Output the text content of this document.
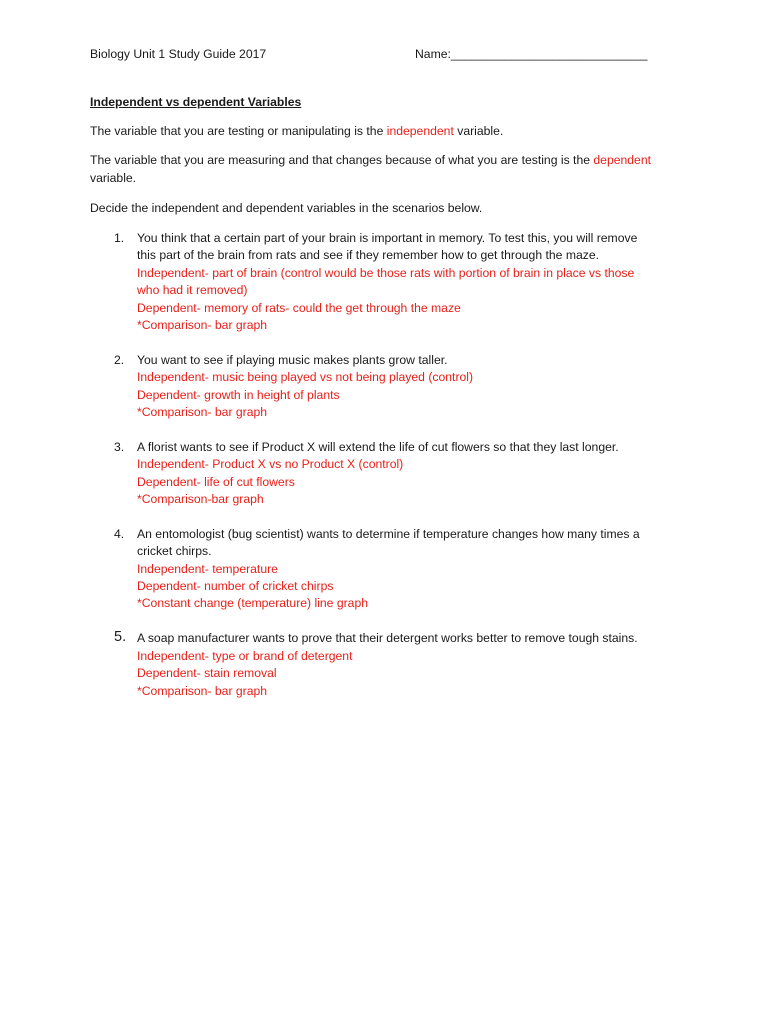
Biology Unit 1 Study Guide 2017	Name:_____________________________
Independent vs dependent Variables
The variable that you are testing or manipulating is the independent variable.
The variable that you are measuring and that changes because of what you are testing is the dependent
variable.
Decide the independent and dependent variables in the scenarios below.
1. You think that a certain part of your brain is important in memory. To test this, you will remove
this part of the brain from rats and see if they remember how to get through the maze.
Independent- part of brain (control would be those rats with portion of brain in place vs those
who had it removed)
Dependent- memory of rats- could the get through the maze
*Comparison- bar graph
2. You want to see if playing music makes plants grow taller.
Independent- music being played vs not being played (control)
Dependent- growth in height of plants
*Comparison- bar graph
3. A florist wants to see if Product X will extend the life of cut flowers so that they last longer.
Independent- Product X vs no Product X (control)
Dependent- life of cut flowers
*Comparison-bar graph
4. An entomologist (bug scientist) wants to determine if temperature changes how many times a
cricket chirps.
Independent- temperature
Dependent- number of cricket chirps
*Constant change (temperature) line graph
5. A soap manufacturer wants to prove that their detergent works better to remove tough stains.
Independent- type or brand of detergent
Dependent- stain removal
*Comparison- bar graph
